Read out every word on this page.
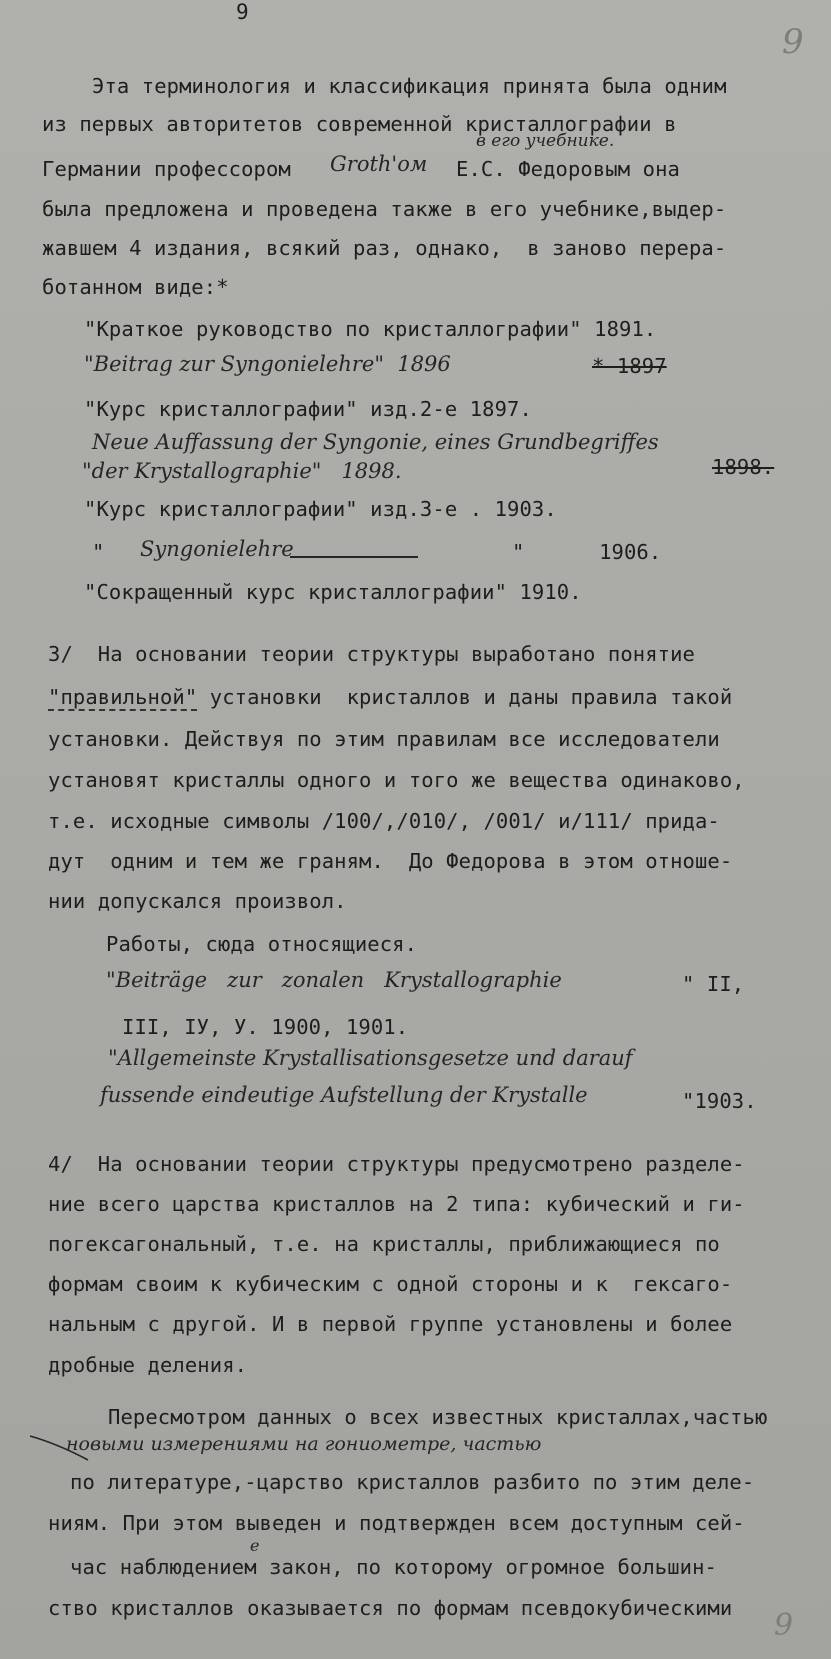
9
9
Эта терминология и классификация принята была одним
из первых авторитетов современной кристаллографии в
в его учебнике.
Германии профессором Groth'ом Е.С. Федоровым она
была предложена и проведена также в его учебнике,выдер-
жавшем 4 издания, всякий раз, однако,  в заново перера-
ботанном виде:*
"Краткое руководство по кристаллографии" 1891.
"Beitrag zur Syngonielehre"  1896	* 1897
"Курс кристаллографии" изд.2-е 1897.
Neue Auffassung der Syngonie, eines Grundbegriffes
"der Krystallographie"   1898.	1898.
"Курс кристаллографии" изд.3-е . 1903.
" Syngonielehre	"      1906.
"Сокращенный курс кристаллографии" 1910.
3/  На основании теории структуры выработано понятие
"правильной" установки  кристаллов и даны правила такой
установки. Действуя по этим правилам все исследователи
установят кристаллы одного и того же вещества одинаково,
т.е. исходные символы /100/,/010/, /001/ и/111/ прида-
дут  одним и тем же граням.  До Федорова в этом отноше-
нии допускался произвол.
Работы, сюда относящиеся.
"Beiträge   zur   zonalen   Krystallographie	" II,
III, IУ, У. 1900, 1901.
"Allgemeinste Krystallisationsgesetze und darauf
fussende eindeutige Aufstellung der Krystalle	"1903.
4/  На основании теории структуры предусмотрено разделе-
ние всего царства кристаллов на 2 типа: кубический и ги-
погексагональный, т.е. на кристаллы, приближающиеся по
формам своим к кубическим с одной стороны и к  гексаго-
нальным с другой. И в первой группе установлены и более
дробные деления.
Пересмотром данных о всех известных кристаллах,частью
новыми измерениями на гониометре, частью
по литературе,-царство кристаллов разбито по этим деле-
ниям. При этом выведен и подтвержден всем доступным сей-
е
час наблюдением закон, по которому огромное большин-
ство кристаллов оказывается по формам псевдокубическими 9
